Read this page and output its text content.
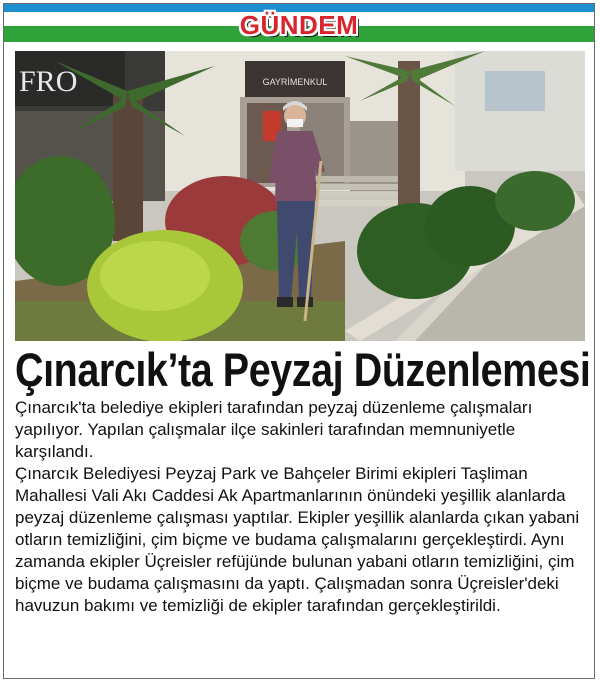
GÜNDEM
FRO	GAYRİMENKUL
Çınarcık’ta Peyzaj Düzenlemesi

Çınarcık'ta belediye ekipleri tarafından peyzaj düzenleme çalışmaları yapılıyor. Yapılan çalışmalar ilçe sakinleri tarafından memnuniyetle karşılandı.

Çınarcık Belediyesi Peyzaj Park ve Bahçeler Birimi ekipleri Taşliman Mahallesi Vali Akı Caddesi Ak Apartmanlarının önündeki yeşillik alanlarda peyzaj düzenleme çalışması yaptılar. Ekipler yeşillik alanlarda çıkan yabani otların temizliğini, çim biçme ve budama çalışmalarını gerçekleştirdi. Aynı zamanda ekipler Üçreisler refüjünde bulunan yabani otların temizliğini, çim biçme ve budama çalışmasını da yaptı. Çalışmadan sonra Üçreisler'deki havuzun bakımı ve temizliği de ekipler tarafından gerçekleştirildi.
